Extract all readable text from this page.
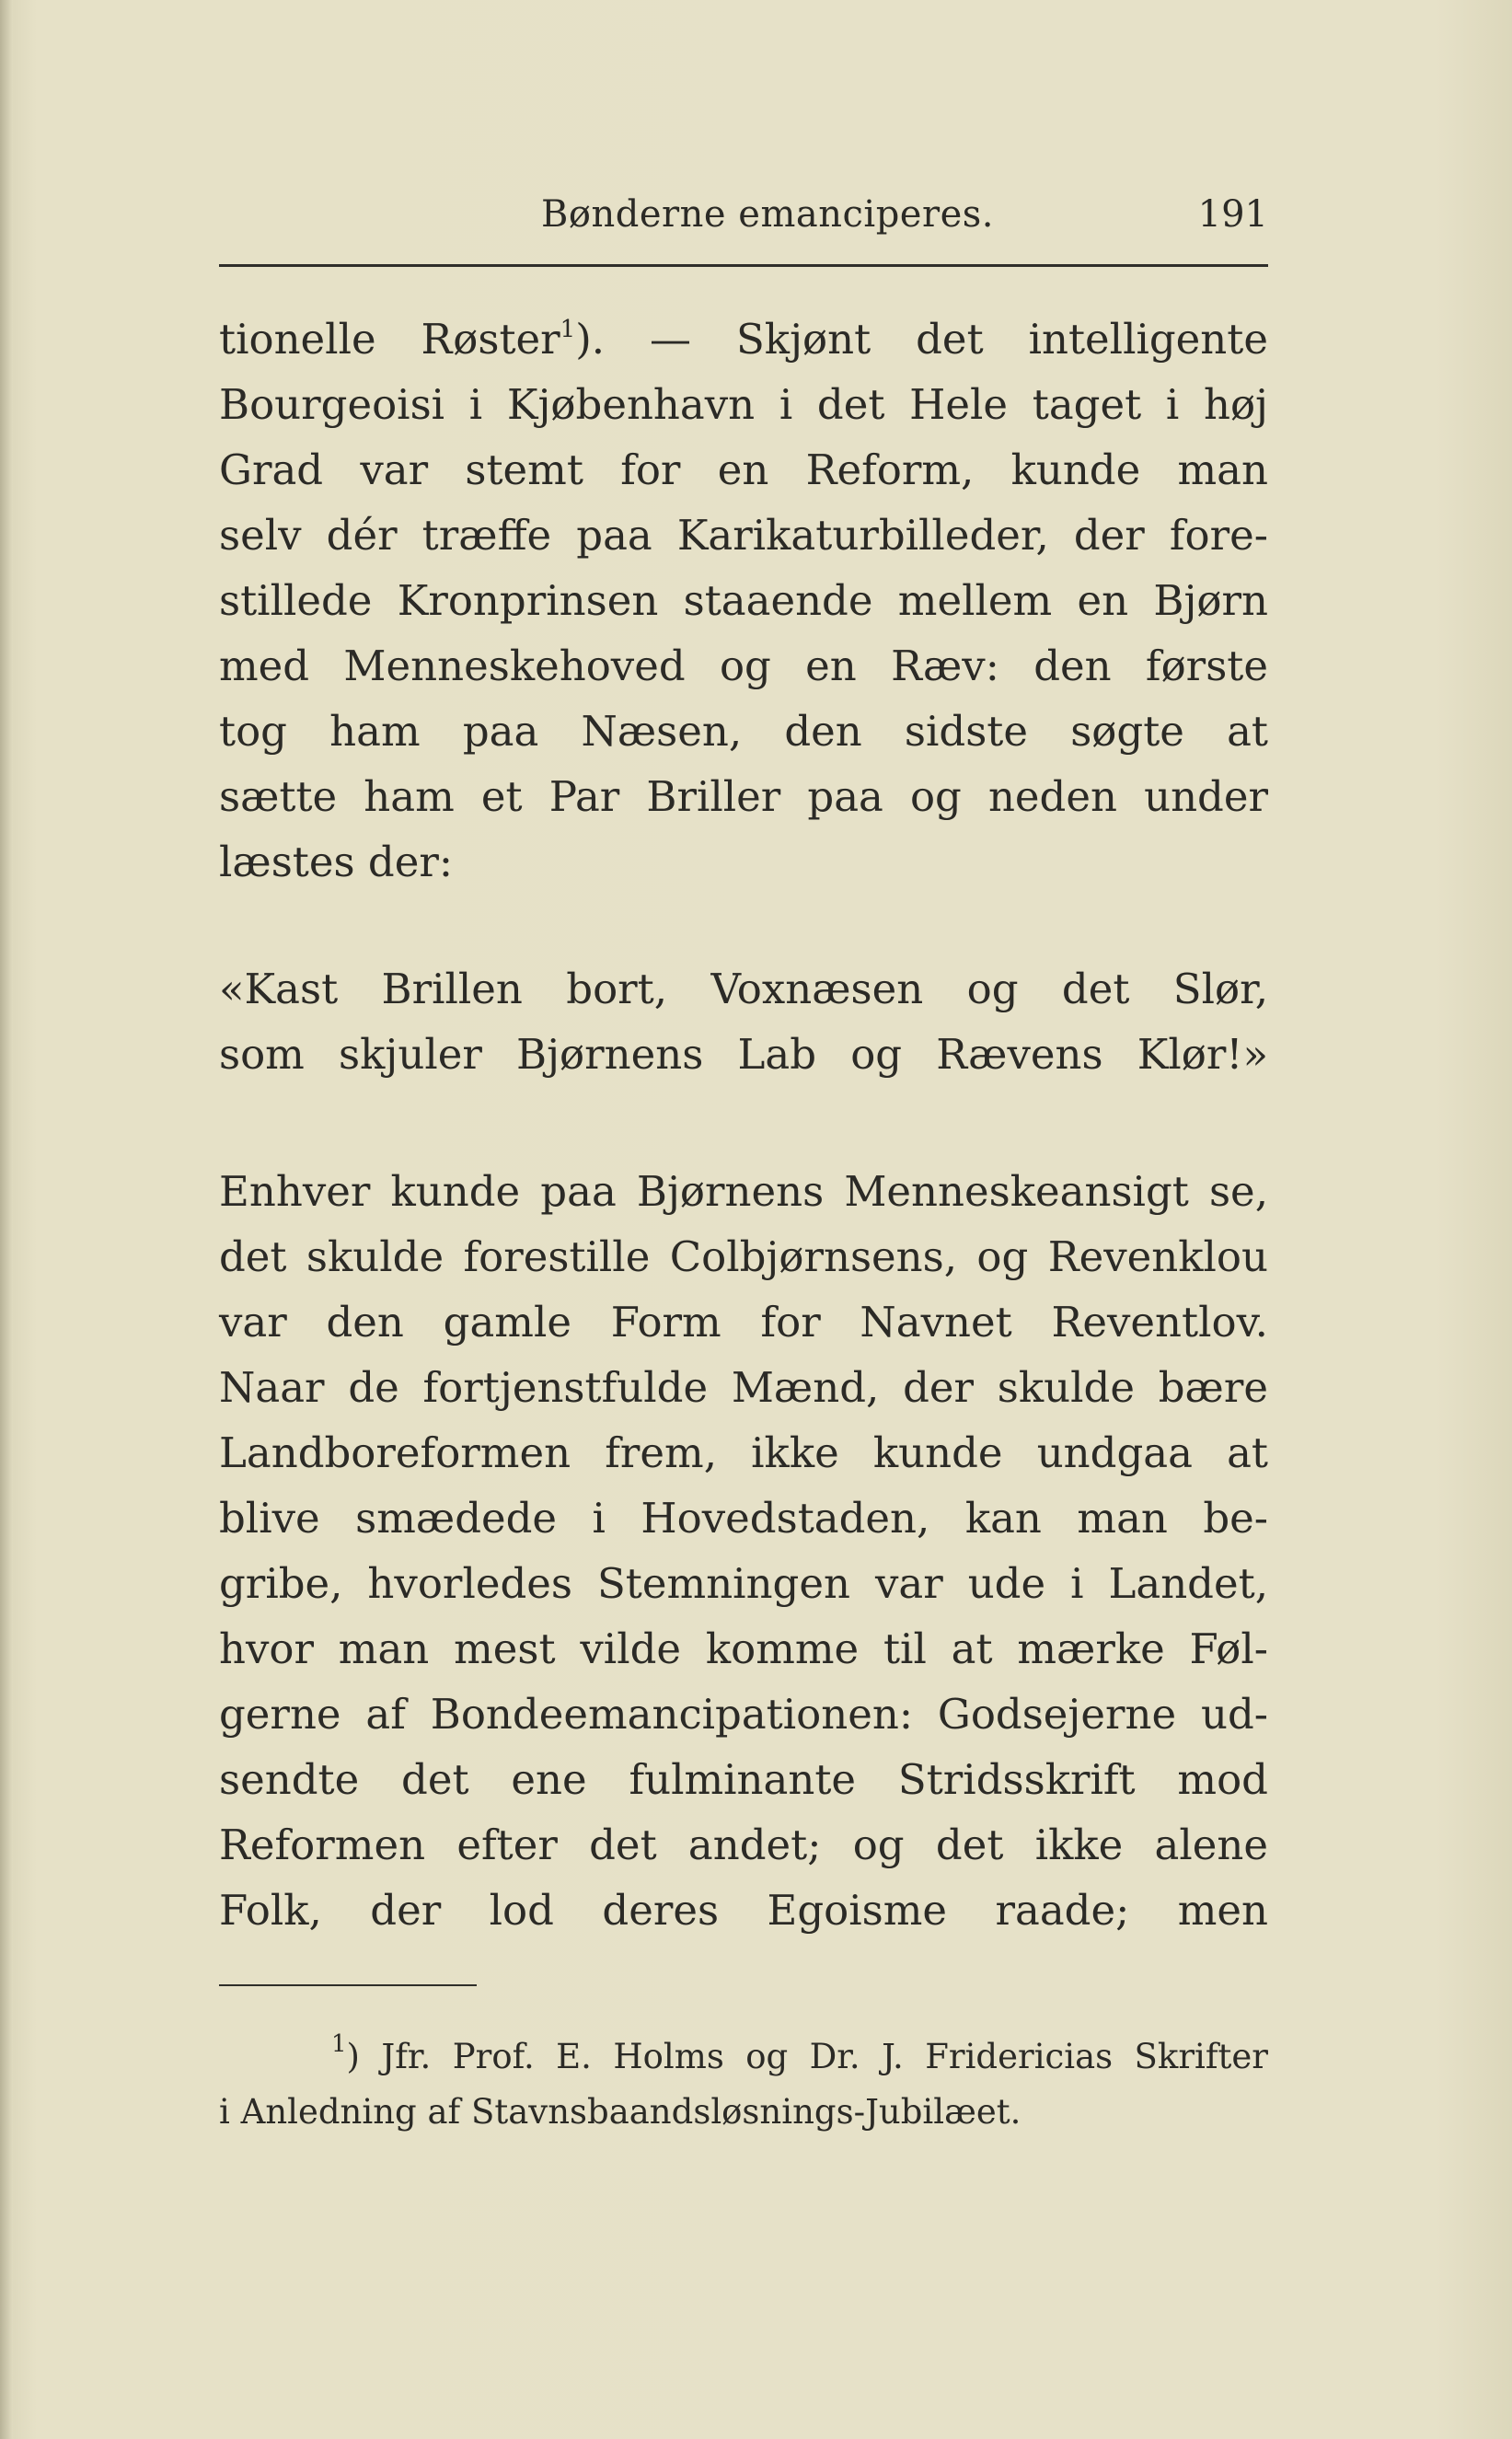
Bønderne emanciperes.	191
tionelle Røster$^1$). — Skjønt det intelligente
Bourgeoisi i Kjøbenhavn i det Hele taget i høj
Grad var stemt for en Reform, kunde man
selv dér træffe paa Karikaturbilleder, der fore-
stillede Kronprinsen staaende mellem en Bjørn
med Menneskehoved og en Ræv: den første
tog ham paa Næsen, den sidste søgte at
sætte ham et Par Briller paa og neden under
læstes der:
«Kast Brillen bort, Voxnæsen og det Slør,
som skjuler Bjørnens Lab og Rævens Klør!»
Enhver kunde paa Bjørnens Menneskeansigt se,
det skulde forestille Colbjørnsens, og Revenklou
var den gamle Form for Navnet Reventlov.
Naar de fortjenstfulde Mænd, der skulde bære
Landboreformen frem, ikke kunde undgaa at
blive smædede i Hovedstaden, kan man be-
gribe, hvorledes Stemningen var ude i Landet,
hvor man mest vilde komme til at mærke Føl-
gerne af Bondeemancipationen: Godsejerne ud-
sendte det ene fulminante Stridsskrift mod
Reformen efter det andet; og det ikke alene
Folk, der lod deres Egoisme raade; men
$^1$) Jfr. Prof. E. Holms og Dr. J. Fridericias Skrifter
i Anledning af Stavnsbaandsløsnings-Jubilæet.
